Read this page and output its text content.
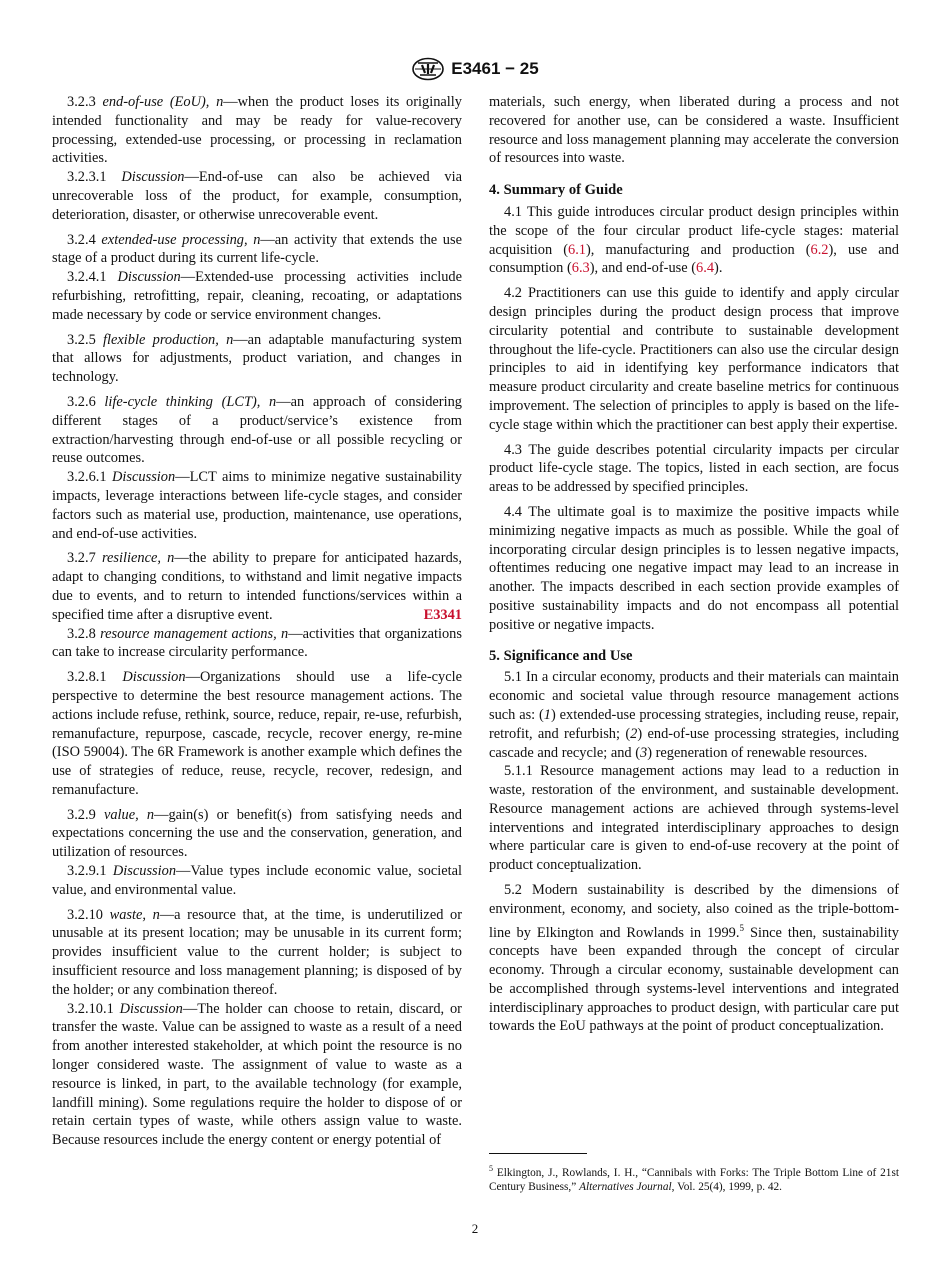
E3461 − 25

3.2.3 end-of-use (EoU), n—when the product loses its originally intended functionality and may be ready for value-recovery processing, extended-use processing, or processing in reclamation activities.

3.2.3.1 Discussion—End-of-use can also be achieved via unrecoverable loss of the product, for example, consumption, deterioration, disaster, or otherwise unrecoverable event.

3.2.4 extended-use processing, n—an activity that extends the use stage of a product during its current life-cycle.

3.2.4.1 Discussion—Extended-use processing activities include refurbishing, retrofitting, repair, cleaning, recoating, or adaptations made necessary by code or service environment changes.

3.2.5 flexible production, n—an adaptable manufacturing system that allows for adjustments, product variation, and changes in technology.

3.2.6 life-cycle thinking (LCT), n—an approach of considering different stages of a product/service’s existence from extraction/harvesting through end-of-use or all possible recycling or reuse outcomes.

3.2.6.1 Discussion—LCT aims to minimize negative sustainability impacts, leverage interactions between life-cycle stages, and consider factors such as material use, production, maintenance, use operations, and end-of-use activities.

3.2.7 resilience, n—the ability to prepare for anticipated hazards, adapt to changing conditions, to withstand and limit negative impacts due to events, and to return to intended functions/services within a specified time after a disruptive event.	E3341

3.2.8 resource management actions, n—activities that organizations can take to increase circularity performance.

3.2.8.1 Discussion—Organizations should use a life-cycle perspective to determine the best resource management actions. The actions include refuse, rethink, source, reduce, repair, re-use, refurbish, remanufacture, repurpose, cascade, recycle, recover energy, re-mine (ISO 59004). The 6R Framework is another example which defines the use of strategies of reduce, reuse, recycle, recover, redesign, and remanufacture.

3.2.9 value, n—gain(s) or benefit(s) from satisfying needs and expectations concerning the use and the conservation, generation, and utilization of resources.

3.2.9.1 Discussion—Value types include economic value, societal value, and environmental value.

3.2.10 waste, n—a resource that, at the time, is underutilized or unusable at its present location; may be unusable in its current form; provides insufficient value to the current holder; is subject to insufficient resource and loss management planning; is disposed of by the holder; or any combination thereof.

3.2.10.1 Discussion—The holder can choose to retain, discard, or transfer the waste. Value can be assigned to waste as a result of a need from another interested stakeholder, at which point the resource is no longer considered waste. The assignment of value to waste as a resource is linked, in part, to the available technology (for example, landfill mining). Some regulations require the holder to dispose of or retain certain types of waste, while others assign value to waste. Because resources include the energy content or energy potential of

materials, such energy, when liberated during a process and not recovered for another use, can be considered a waste. Insufficient resource and loss management planning may accelerate the conversion of resources into waste.

4. Summary of Guide

4.1 This guide introduces circular product design principles within the scope of the four circular product life-cycle stages: material acquisition (6.1), manufacturing and production (6.2), use and consumption (6.3), and end-of-use (6.4).

4.2 Practitioners can use this guide to identify and apply circular design principles during the product design process that improve circularity potential and contribute to sustainable development throughout the life-cycle. Practitioners can also use the circular design principles to aid in identifying key performance indicators that measure product circularity and create baseline metrics for continuous improvement. The selection of principles to apply is based on the life-cycle stage within which the practitioner can best apply their expertise.

4.3 The guide describes potential circularity impacts per circular product life-cycle stage. The topics, listed in each section, are focus areas to be addressed by specified principles.

4.4 The ultimate goal is to maximize the positive impacts while minimizing negative impacts as much as possible. While the goal of incorporating circular design principles is to lessen negative impacts, oftentimes reducing one negative impact may lead to an increase in another. The impacts described in each section provide examples of positive sustainability impacts and do not encompass all potential positive or negative impacts.

5. Significance and Use

5.1 In a circular economy, products and their materials can maintain economic and societal value through resource management actions such as: (1) extended-use processing strategies, including reuse, repair, retrofit, and refurbish; (2) end-of-use processing strategies, including cascade and recycle; and (3) regeneration of renewable resources.

5.1.1 Resource management actions may lead to a reduction in waste, restoration of the environment, and sustainable development. Resource management actions are achieved through systems-level interventions and integrated interdisciplinary approaches to design where particular care is given to end-of-use recovery at the point of product conceptualization.

5.2 Modern sustainability is described by the dimensions of environment, economy, and society, also coined as the triple-bottom-line by Elkington and Rowlands in 1999.$^5$ Since then, sustainability concepts have been expanded through the concept of circular economy. Through a circular economy, sustainable development can be accomplished through systems-level interventions and integrated interdisciplinary approaches to product design, with particular care put towards the EoU pathways at the point of product conceptualization.

$^5$ Elkington, J., Rowlands, I. H., “Cannibals with Forks: The Triple Bottom Line of 21st Century Business,” Alternatives Journal, Vol. 25(4), 1999, p. 42.
2
